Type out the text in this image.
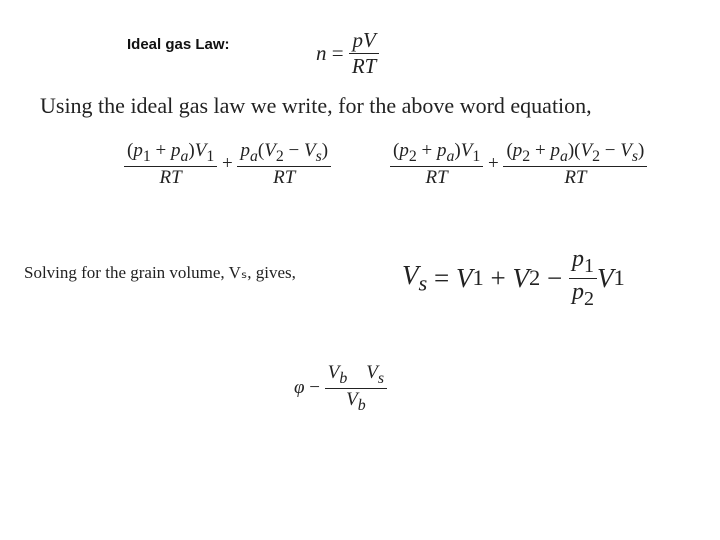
Ideal gas Law:	$n = \frac{pV}{RT}$
Using the ideal gas law we write, for the above word equation,
$\frac{(p_1 + p_a)V_1}{RT} + \frac{p_a(V_2 - V_s)}{RT}$	$\frac{(p_2 + p_a)V_1}{RT} + \frac{(p_2 + p_a)(V_2 - V_s)}{RT}$
Solving for the grain volume, Vₛ, gives,	$V_s = V$ 1 + V $2 - \frac{p_1}{p_2}$ V 1
$\varphi - \frac{V_b V_s}{V_b}$
